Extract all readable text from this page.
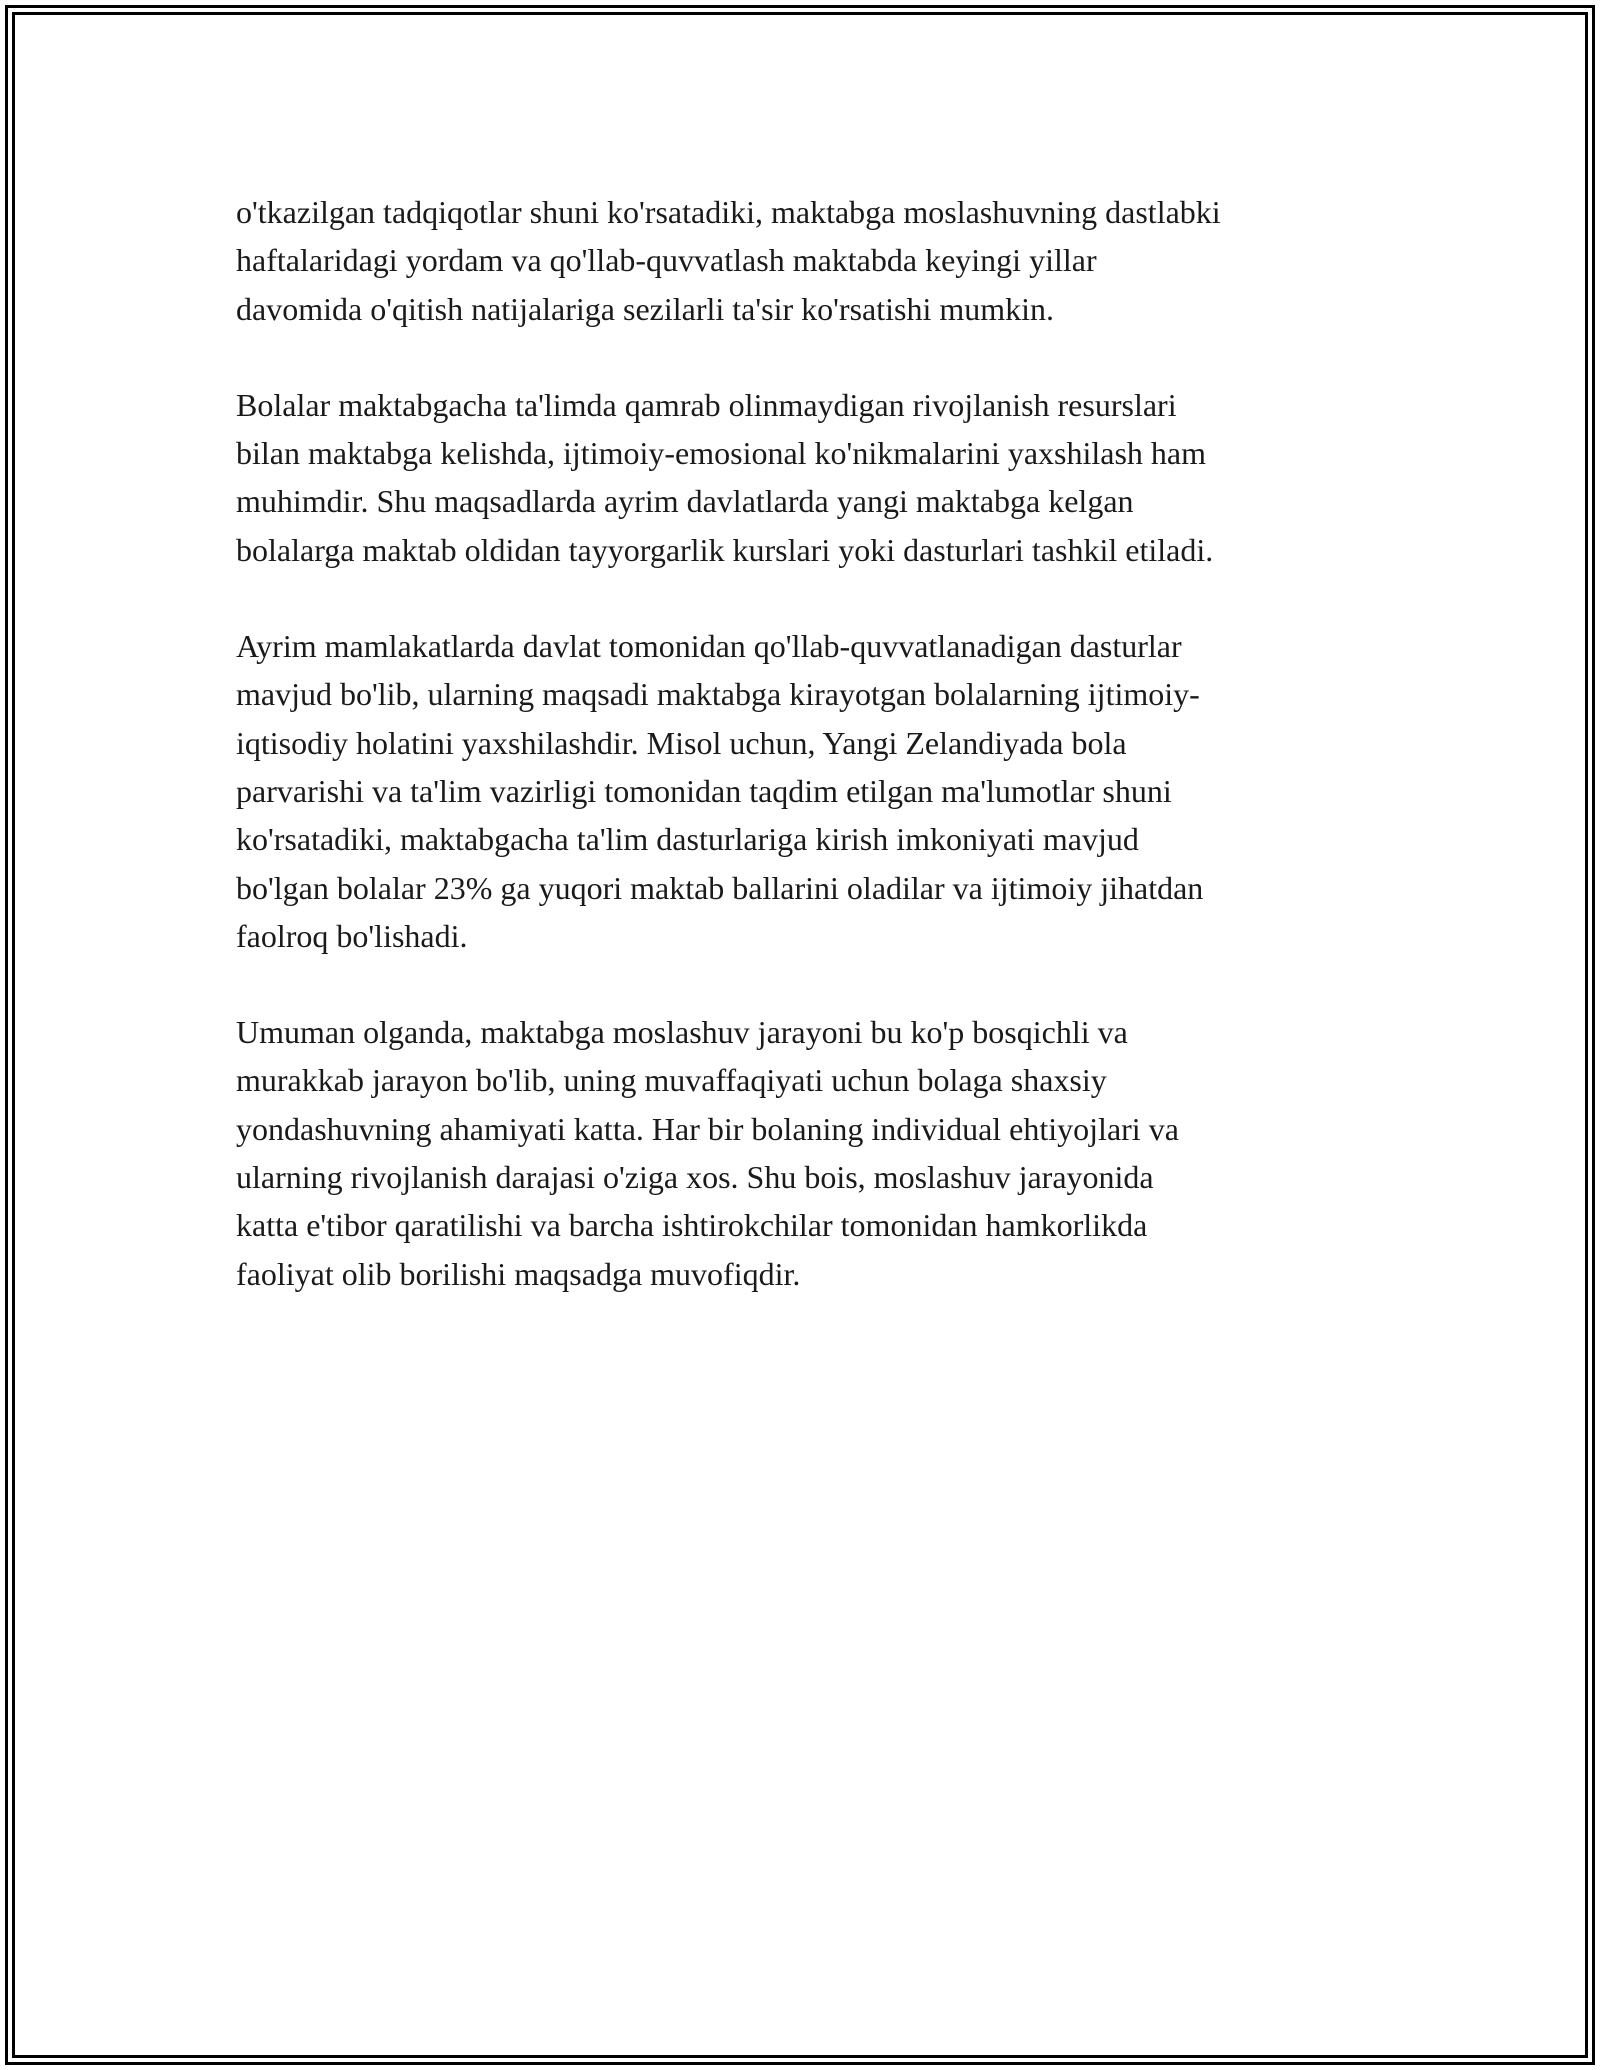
o'tkazilgan tadqiqotlar shuni ko'rsatadiki, maktabga moslashuvning dastlabki
haftalaridagi yordam va qo'llab-quvvatlash maktabda keyingi yillar
davomida o'qitish natijalariga sezilarli ta'sir ko'rsatishi mumkin.

Bolalar maktabgacha ta'limda qamrab olinmaydigan rivojlanish resurslari
bilan maktabga kelishda, ijtimoiy-emosional ko'nikmalarini yaxshilash ham
muhimdir. Shu maqsadlarda ayrim davlatlarda yangi maktabga kelgan
bolalarga maktab oldidan tayyorgarlik kurslari yoki dasturlari tashkil etiladi.

Ayrim mamlakatlarda davlat tomonidan qo'llab-quvvatlanadigan dasturlar
mavjud bo'lib, ularning maqsadi maktabga kirayotgan bolalarning ijtimoiy-
iqtisodiy holatini yaxshilashdir. Misol uchun, Yangi Zelandiyada bola
parvarishi va ta'lim vazirligi tomonidan taqdim etilgan ma'lumotlar shuni
ko'rsatadiki, maktabgacha ta'lim dasturlariga kirish imkoniyati mavjud
bo'lgan bolalar 23% ga yuqori maktab ballarini oladilar va ijtimoiy jihatdan
faolroq bo'lishadi.

Umuman olganda, maktabga moslashuv jarayoni bu ko'p bosqichli va
murakkab jarayon bo'lib, uning muvaffaqiyati uchun bolaga shaxsiy
yondashuvning ahamiyati katta. Har bir bolaning individual ehtiyojlari va
ularning rivojlanish darajasi o'ziga xos. Shu bois, moslashuv jarayonida
katta e'tibor qaratilishi va barcha ishtirokchilar tomonidan hamkorlikda
faoliyat olib borilishi maqsadga muvofiqdir.
